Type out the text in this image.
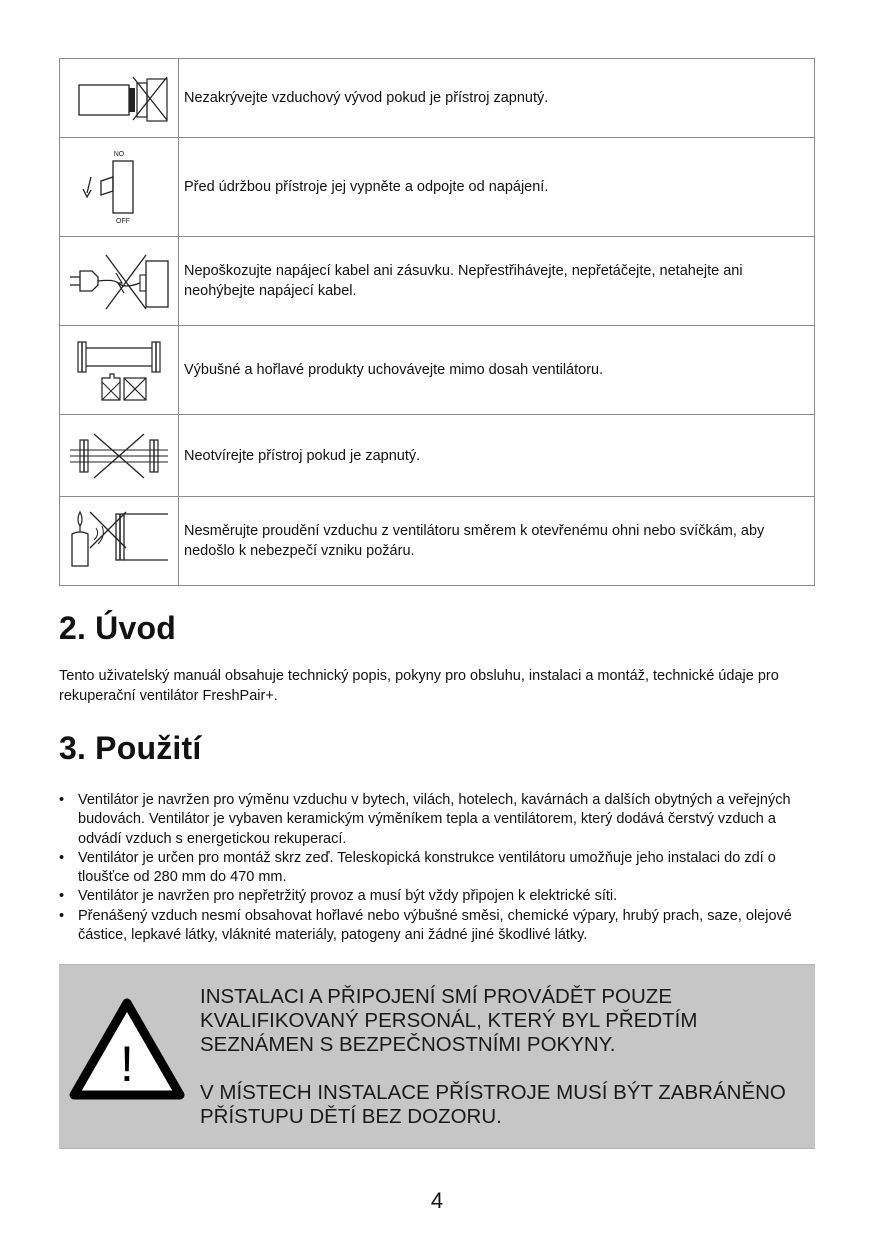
	Nezakrývejte vzduchový vývod pokud je přístroj zapnutý.

NO
OFF	Před údržbou přístroje jej vypněte a odpojte od napájení.

	Nepoškozujte napájecí kabel ani zásuvku. Nepřestřihávejte, nepřetáčejte, netahejte ani neohýbejte napájecí kabel.

	Výbušné a hořlavé produkty uchovávejte mimo dosah ventilátoru.

	Neotvírejte přístroj pokud je zapnutý.

	Nesměrujte proudění vzduchu z ventilátoru směrem k otevřenému ohni nebo svíčkám, aby nedošlo k nebezpečí vzniku požáru.
2. Úvod

Tento uživatelský manuál obsahuje technický popis, pokyny pro obsluhu, instalaci a montáž, technické údaje pro rekuperační ventilátor FreshPair+.

3. Použití
• Ventilátor je navržen pro výměnu vzduchu v bytech, vilách, hotelech, kavárnách a dalších obytných a veřejných budovách. Ventilátor je vybaven keramickým výměníkem tepla a ventilátorem, který dodává čerstvý vzduch a odvádí vzduch s energetickou rekuperací.
• Ventilátor je určen pro montáž skrz zeď. Teleskopická konstrukce ventilátoru umožňuje jeho instalaci do zdí o tloušťce od 280 mm do 470 mm.
• Ventilátor je navržen pro nepřetržitý provoz a musí být vždy připojen k elektrické síti.
• Přenášený vzduch nesmí obsahovat hořlavé nebo výbušné směsi, chemické výpary, hrubý prach, saze, olejové částice, lepkavé látky, vláknité materiály, patogeny ani žádné jiné škodlivé látky.
!

INSTALACI A PŘIPOJENÍ SMÍ PROVÁDĚT POUZE KVALIFIKOVANÝ PERSONÁL, KTERÝ BYL PŘEDTÍM SEZNÁMEN S BEZPEČNOSTNÍMI POKYNY.

V MÍSTECH INSTALACE PŘÍSTROJE MUSÍ BÝT ZABRÁNĚNO PŘÍSTUPU DĚTÍ BEZ DOZORU.

4
